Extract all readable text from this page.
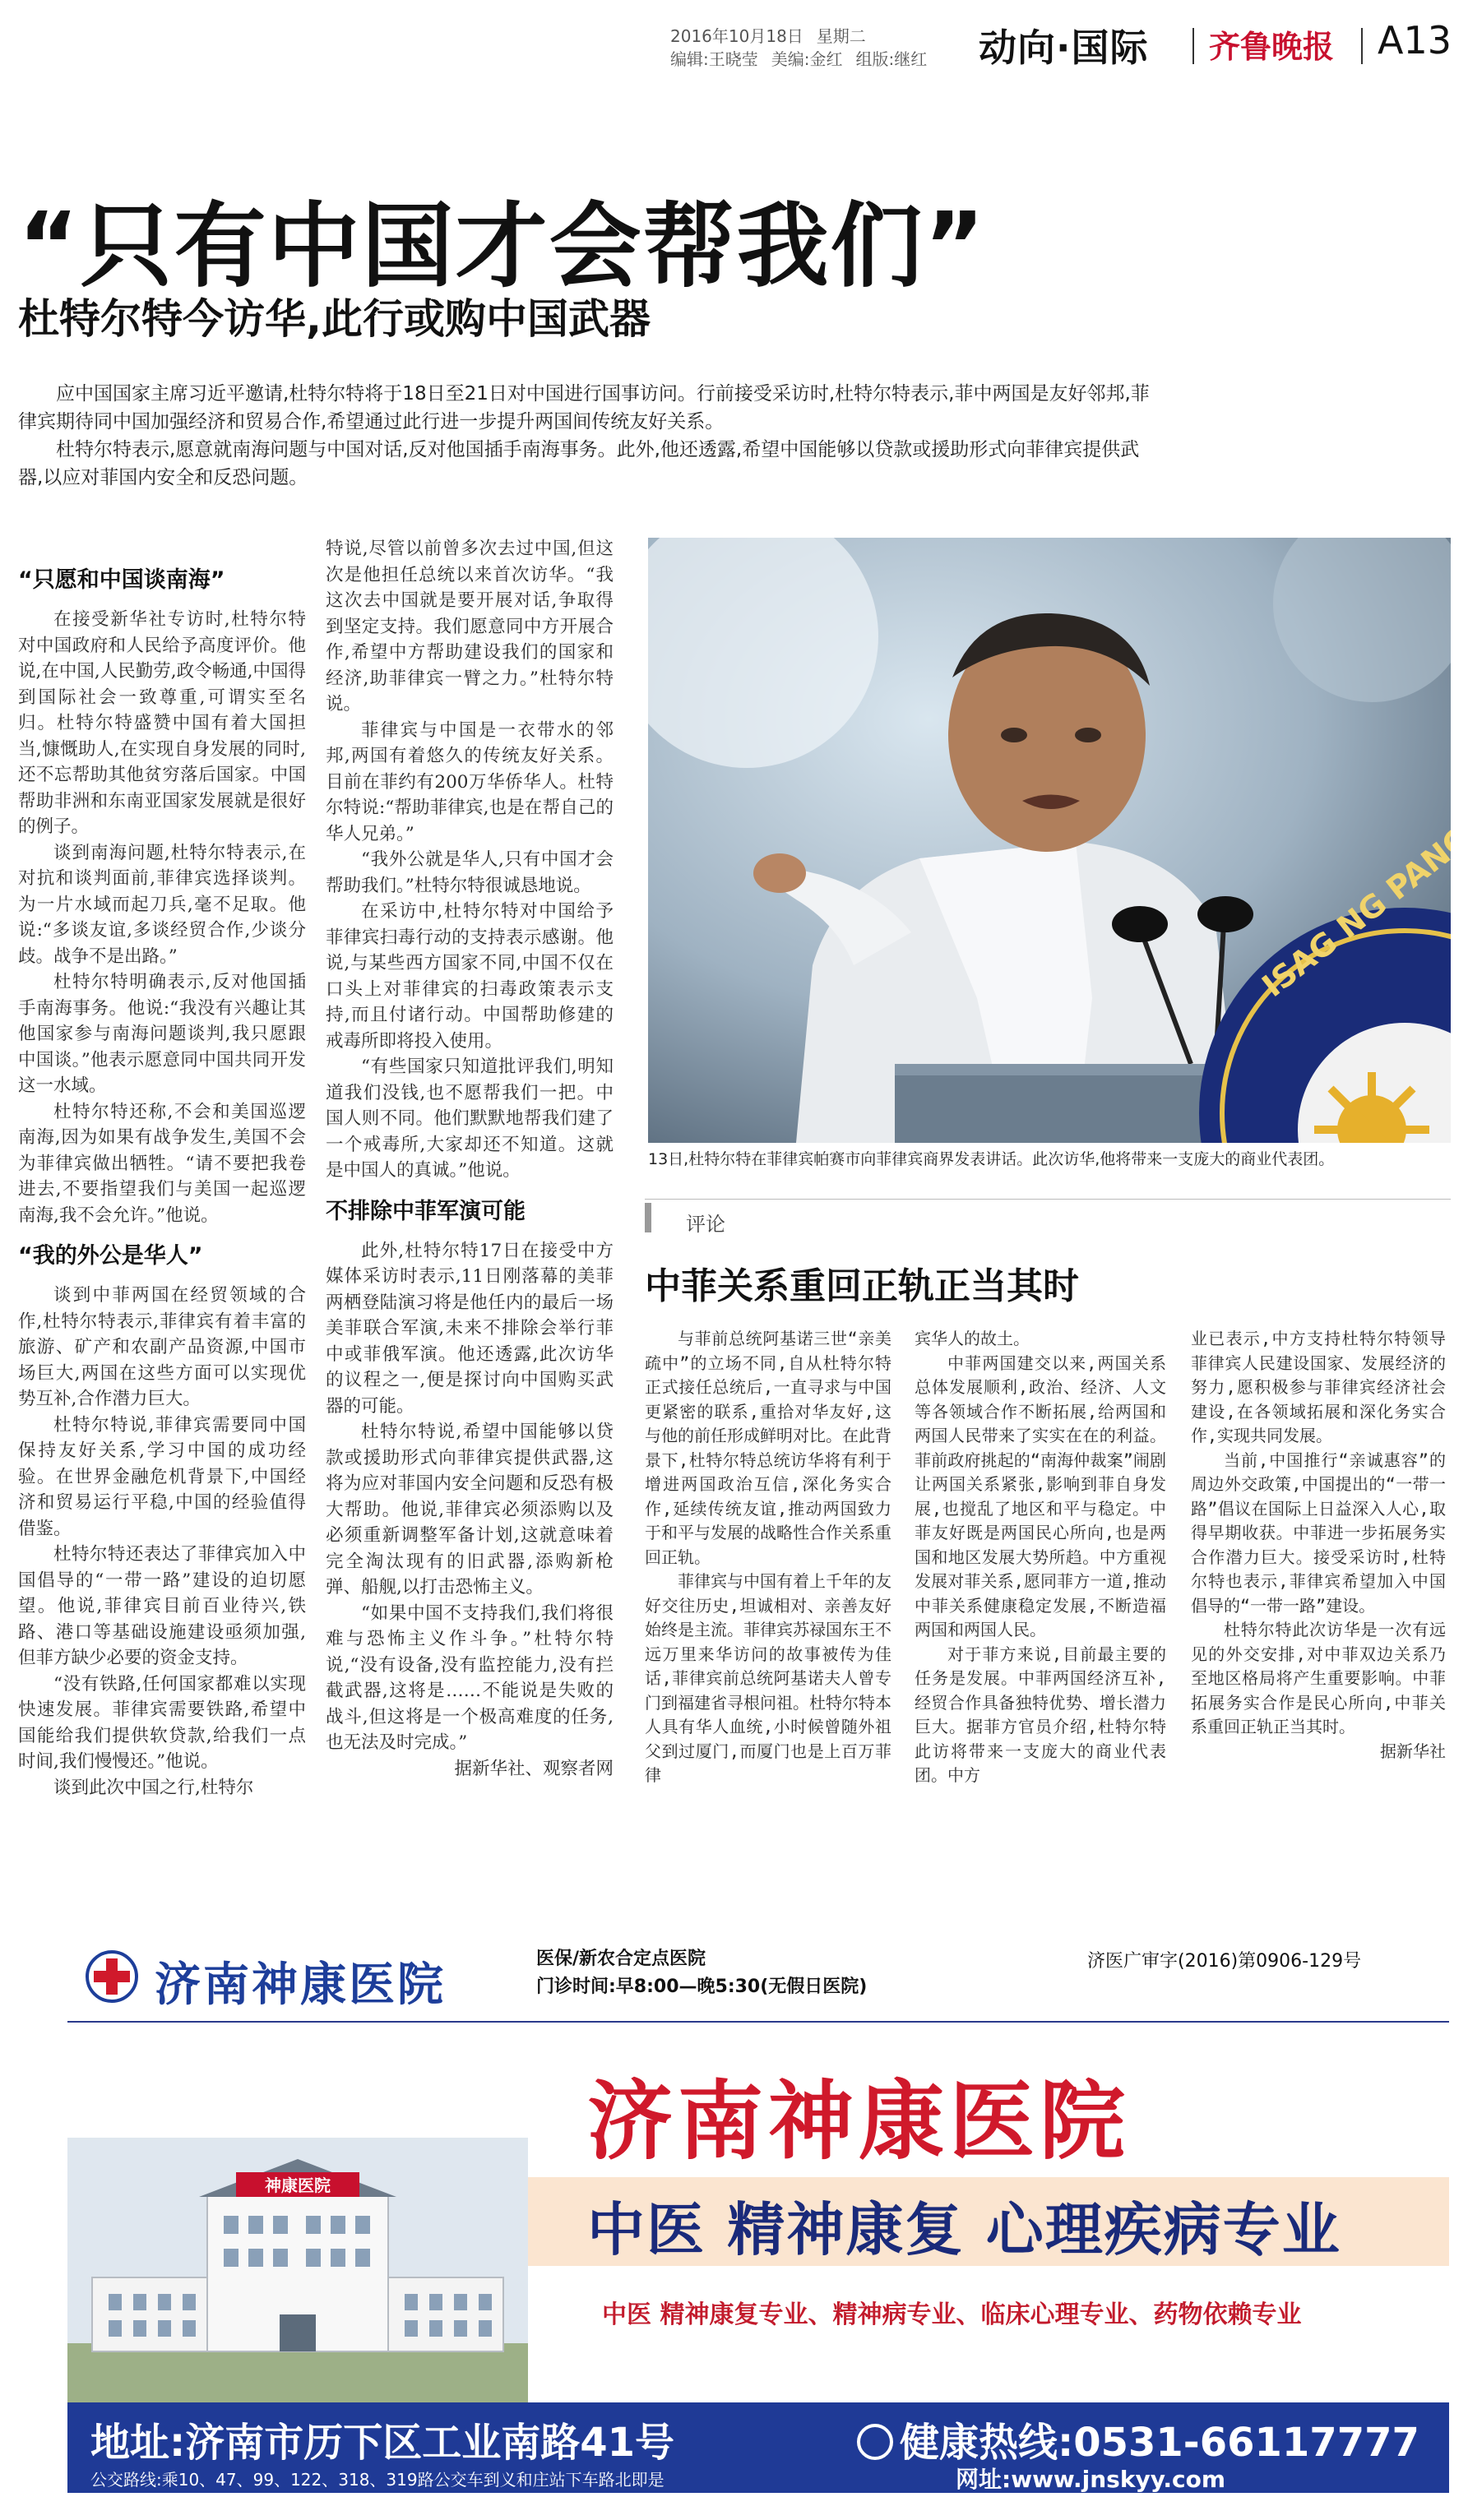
2016年10月18日 星期二
编辑:王晓莹 美编:金红 组版:继红	动向·国际 齐鲁晚报 A13
“只有中国才会帮我们”
杜特尔特今访华,此行或购中国武器

应中国国家主席习近平邀请,杜特尔特将于18日至21日对中国进行国事访问。行前接受采访时,杜特尔特表示,菲中两国是友好邻邦,菲律宾期待同中国加强经济和贸易合作,希望通过此行进一步提升两国间传统友好关系。

杜特尔特表示,愿意就南海问题与中国对话,反对他国插手南海事务。此外,他还透露,希望中国能够以贷款或援助形式向菲律宾提供武器,以应对菲国内安全和反恐问题。

“只愿和中国谈南海”

在接受新华社专访时,杜特尔特对中国政府和人民给予高度评价。他说,在中国,人民勤劳,政令畅通,中国得到国际社会一致尊重,可谓实至名归。杜特尔特盛赞中国有着大国担当,慷慨助人,在实现自身发展的同时,还不忘帮助其他贫穷落后国家。中国帮助非洲和东南亚国家发展就是很好的例子。

谈到南海问题,杜特尔特表示,在对抗和谈判面前,菲律宾选择谈判。为一片水域而起刀兵,毫不足取。他说:“多谈友谊,多谈经贸合作,少谈分歧。战争不是出路。”

杜特尔特明确表示,反对他国插手南海事务。他说:“我没有兴趣让其他国家参与南海问题谈判,我只愿跟中国谈。”他表示愿意同中国共同开发这一水域。

杜特尔特还称,不会和美国巡逻南海,因为如果有战争发生,美国不会为菲律宾做出牺牲。“请不要把我卷进去,不要指望我们与美国一起巡逻南海,我不会允许。”他说。

“我的外公是华人”

谈到中菲两国在经贸领域的合作,杜特尔特表示,菲律宾有着丰富的旅游、矿产和农副产品资源,中国市场巨大,两国在这些方面可以实现优势互补,合作潜力巨大。

杜特尔特说,菲律宾需要同中国保持友好关系,学习中国的成功经验。在世界金融危机背景下,中国经济和贸易运行平稳,中国的经验值得借鉴。

杜特尔特还表达了菲律宾加入中国倡导的“一带一路”建设的迫切愿望。他说,菲律宾目前百业待兴,铁路、港口等基础设施建设亟须加强,但菲方缺少必要的资金支持。

“没有铁路,任何国家都难以实现快速发展。菲律宾需要铁路,希望中国能给我们提供软贷款,给我们一点时间,我们慢慢还。”他说。

谈到此次中国之行,杜特尔

特说,尽管以前曾多次去过中国,但这次是他担任总统以来首次访华。“我这次去中国就是要开展对话,争取得到坚定支持。我们愿意同中方开展合作,希望中方帮助建设我们的国家和经济,助菲律宾一臂之力。”杜特尔特说。

菲律宾与中国是一衣带水的邻邦,两国有着悠久的传统友好关系。目前在菲约有200万华侨华人。杜特尔特说:“帮助菲律宾,也是在帮自己的华人兄弟。”

“我外公就是华人,只有中国才会帮助我们。”杜特尔特很诚恳地说。

在采访中,杜特尔特对中国给予菲律宾扫毒行动的支持表示感谢。他说,与某些西方国家不同,中国不仅在口头上对菲律宾的扫毒政策表示支持,而且付诸行动。中国帮助修建的戒毒所即将投入使用。

“有些国家只知道批评我们,明知道我们没钱,也不愿帮我们一把。中国人则不同。他们默默地帮我们建了一个戒毒所,大家却还不知道。这就是中国人的真诚。”他说。

不排除中菲军演可能

此外,杜特尔特17日在接受中方媒体采访时表示,11日刚落幕的美菲两栖登陆演习将是他任内的最后一场美菲联合军演,未来不排除会举行菲中或菲俄军演。他还透露,此次访华的议程之一,便是探讨向中国购买武器的可能。

杜特尔特说,希望中国能够以贷款或援助形式向菲律宾提供武器,这将为应对菲国内安全问题和反恐有极大帮助。他说,菲律宾必须添购以及必须重新调整军备计划,这就意味着完全淘汰现有的旧武器,添购新枪弹、船舰,以打击恐怖主义。

“如果中国不支持我们,我们将很难与恐怖主义作斗争。”杜特尔特说,“没有设备,没有监控能力,没有拦截武器,这将是……不能说是失败的战斗,但这将是一个极高难度的任务,也无法及时完成。”

据新华社、观察者网

13日,杜特尔特在菲律宾帕赛市向菲律宾商界发表讲话。此次访华,他将带来一支庞大的商业代表团。
评论
中菲关系重回正轨正当其时

与菲前总统阿基诺三世“亲美疏中”的立场不同,自从杜特尔特正式接任总统后,一直寻求与中国更紧密的联系,重拾对华友好,这与他的前任形成鲜明对比。在此背景下,杜特尔特总统访华将有利于增进两国政治互信,深化务实合作,延续传统友谊,推动两国致力于和平与发展的战略性合作关系重回正轨。

菲律宾与中国有着上千年的友好交往历史,坦诚相对、亲善友好始终是主流。菲律宾苏禄国东王不远万里来华访问的故事被传为佳话,菲律宾前总统阿基诺夫人曾专门到福建省寻根问祖。杜特尔特本人具有华人血统,小时候曾随外祖父到过厦门,而厦门也是上百万菲律

宾华人的故土。

中菲两国建交以来,两国关系总体发展顺利,政治、经济、人文等各领域合作不断拓展,给两国和两国人民带来了实实在在的利益。菲前政府挑起的“南海仲裁案”闹剧让两国关系紧张,影响到菲自身发展,也搅乱了地区和平与稳定。中菲友好既是两国民心所向,也是两国和地区发展大势所趋。中方重视发展对菲关系,愿同菲方一道,推动中菲关系健康稳定发展,不断造福两国和两国人民。

对于菲方来说,目前最主要的任务是发展。中菲两国经济互补,经贸合作具备独特优势、增长潜力巨大。据菲方官员介绍,杜特尔特此访将带来一支庞大的商业代表团。中方

业已表示,中方支持杜特尔特领导菲律宾人民建设国家、发展经济的努力,愿积极参与菲律宾经济社会建设,在各领域拓展和深化务实合作,实现共同发展。

当前,中国推行“亲诚惠容”的周边外交政策,中国提出的“一带一路”倡议在国际上日益深入人心,取得早期收获。中菲进一步拓展务实合作潜力巨大。接受采访时,杜特尔特也表示,菲律宾希望加入中国倡导的“一带一路”建设。

杜特尔特此次访华是一次有远见的外交安排,对中菲双边关系乃至地区格局将产生重要影响。中菲拓展务实合作是民心所向,中菲关系重回正轨正当其时。

据新华社

济南神康医院	医保/新农合定点医院
门诊时间:早8:00—晚5:30(无假日医院)
济医广审字(2016)第0906-129号
济南神康医院
中医 精神康复 心理疾病专业
中医 精神康复专业、精神病专业、临床心理专业、药物依赖专业
神康医院
地址:济南市历下区工业南路41号
公交路线:乘10、47、99、122、318、319路公交车到义和庄站下车路北即是
健康热线:0531-66117777
网址:www.jnskyy.com
